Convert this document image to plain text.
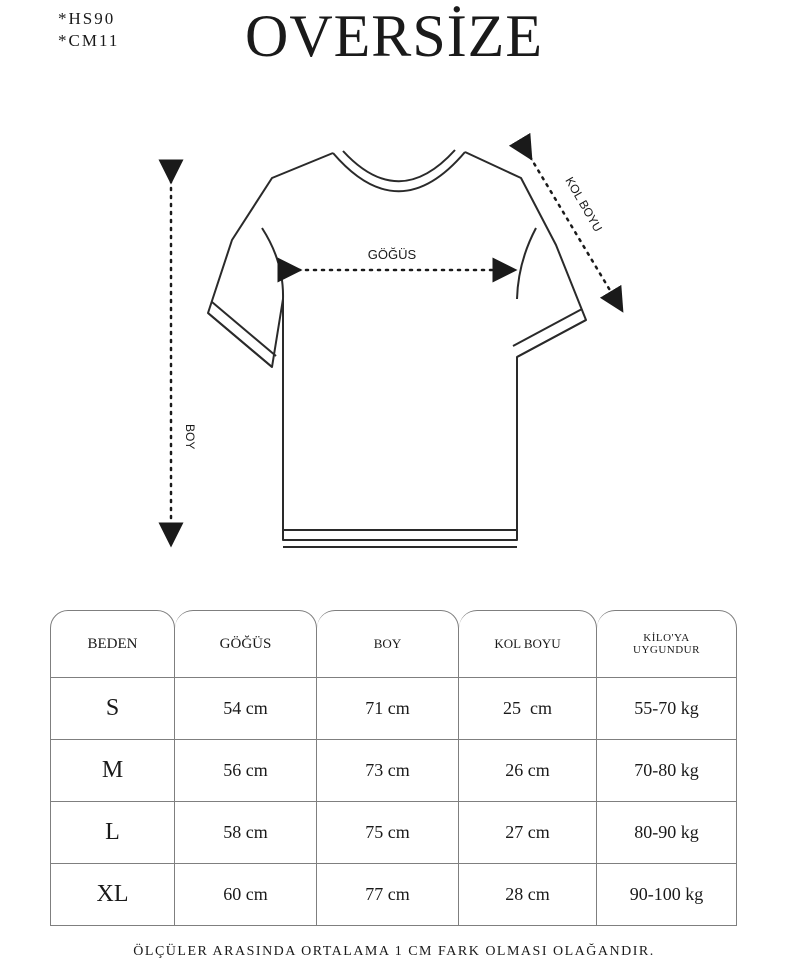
*HS90
*CM11	OVERSİZE
GÖĞÜS
BOY
KOL BOYU
BEDEN	GÖĞÜS	BOY	KOL BOYU	KİLO'YA
UYGUNDUR

S	54 cm	71 cm	25  cm	55-70 kg
M	56 cm	73 cm	26 cm	70-80 kg
L	58 cm	75 cm	27 cm	80-90 kg
XL	60 cm	77 cm	28 cm	90-100 kg
ÖLÇÜLER ARASINDA ORTALAMA 1 CM FARK OLMASI OLAĞANDIR.
